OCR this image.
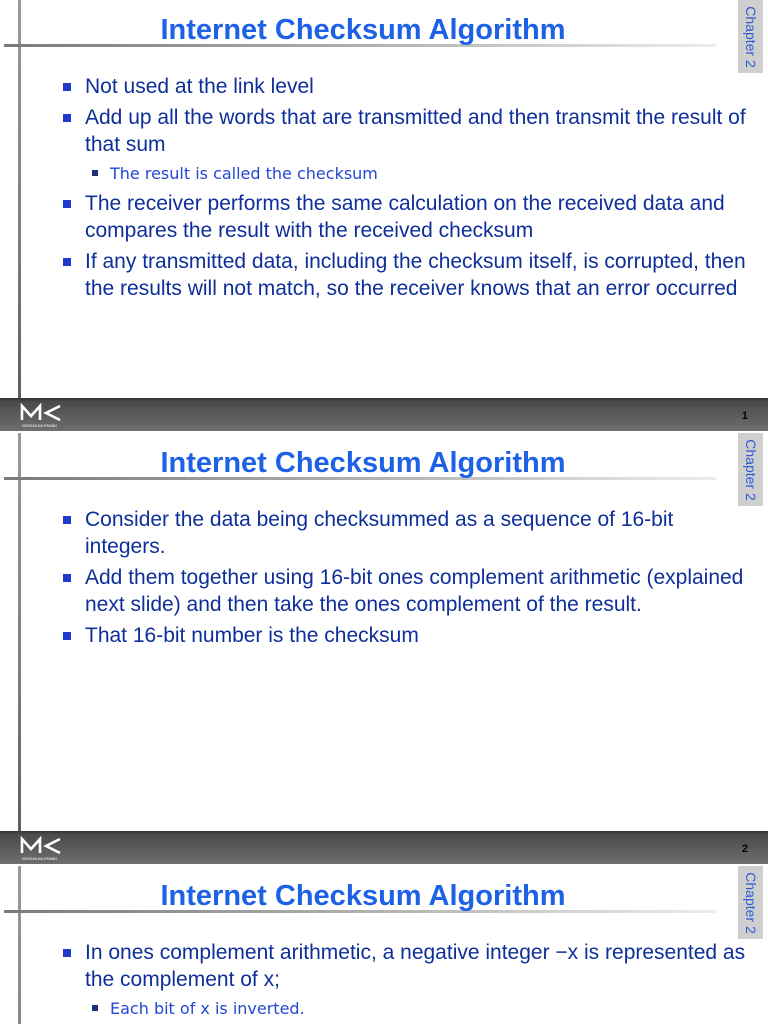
Internet Checksum Algorithm	Chapter 2
Not used at the link level
Add up all the words that are transmitted and then transmit the result of that sum
The result is called the checksum
The receiver performs the same calculation on the received data and compares the result with the received checksum
If any transmitted data, including the checksum itself, is corrupted, then the results will not match, so the receiver knows that an error occurred
MORGAN KAUFMANN
1
Internet Checksum Algorithm	Chapter 2
Consider the data being checksummed as a sequence of 16-bit integers.
Add them together using 16-bit ones complement arithmetic (explained next slide) and then take the ones complement of the result.
That 16-bit number is the checksum
MORGAN KAUFMANN
2
Internet Checksum Algorithm	Chapter 2
In ones complement arithmetic, a negative integer −x is represented as the complement of x;
Each bit of x is inverted.
